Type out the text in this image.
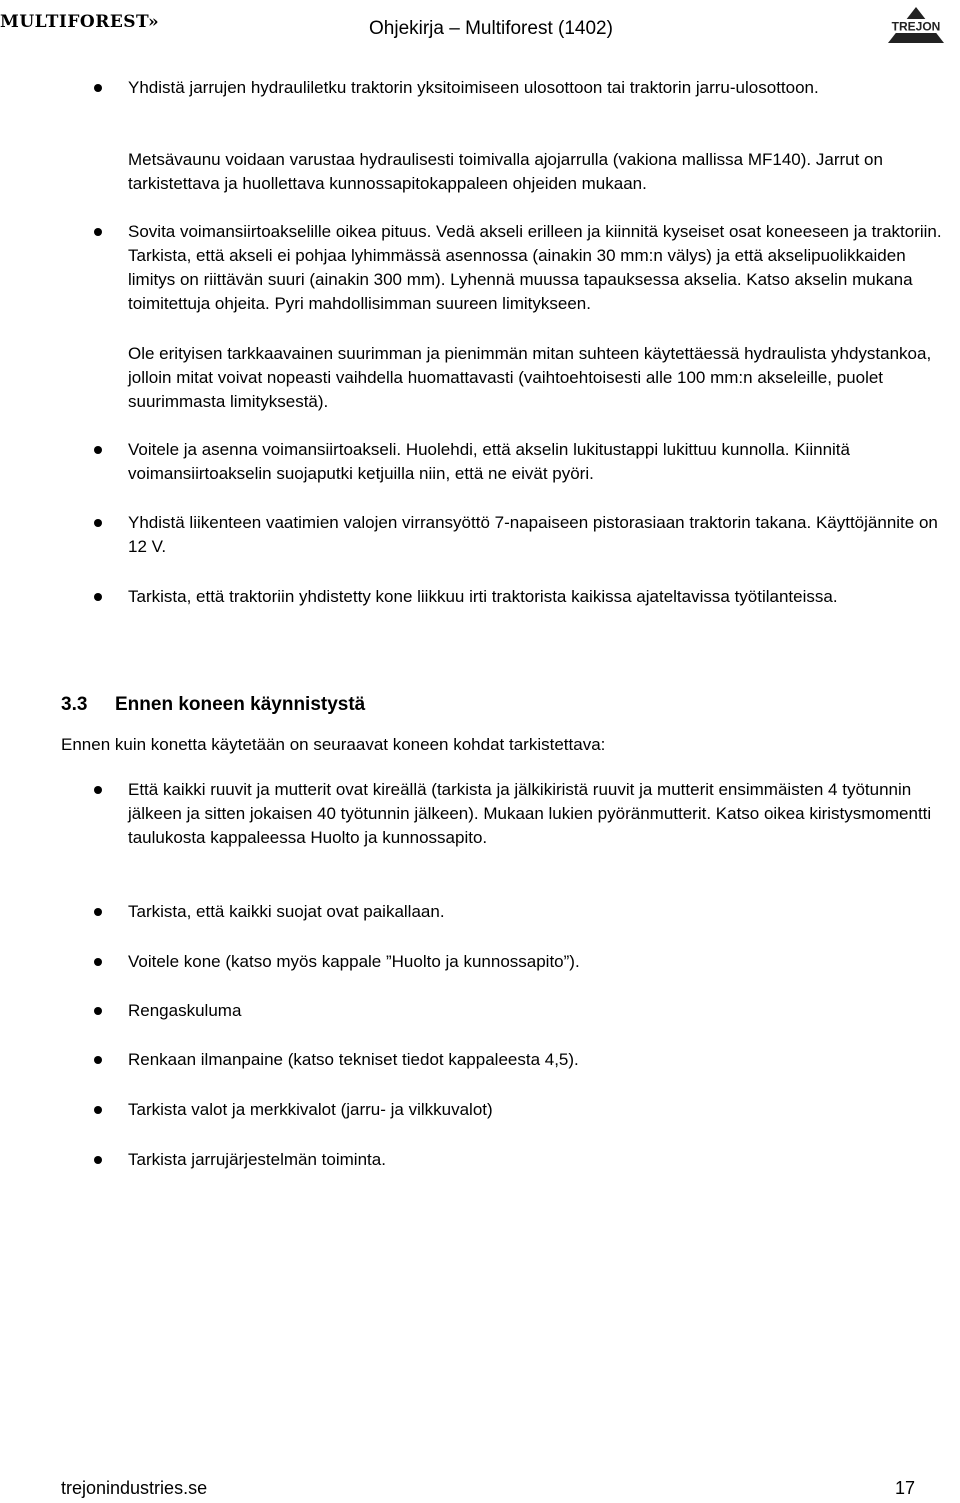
MULTIFOREST»	Ohjekirja – Multiforest (1402)	TREJON
Yhdistä jarrujen hydrauliletku traktorin yksitoimiseen ulosottoon tai traktorin jarru-ulosottoon.
Metsävaunu voidaan varustaa hydraulisesti toimivalla ajojarrulla (vakiona mallissa MF140). Jarrut on tarkistettava ja huollettava kunnossapitokappaleen ohjeiden mukaan.
Sovita voimansiirtoakselille oikea pituus. Vedä akseli erilleen ja kiinnitä kyseiset osat koneeseen ja traktoriin. Tarkista, että akseli ei pohjaa lyhimmässä asennossa (ainakin 30 mm:n välys) ja että akselipuolikkaiden limitys on riittävän suuri (ainakin 300 mm). Lyhennä muussa tapauksessa akselia. Katso akselin mukana toimitettuja ohjeita. Pyri mahdollisimman suureen limitykseen.
Ole erityisen tarkkaavainen suurimman ja pienimmän mitan suhteen käytettäessä hydraulista yhdystankoa, jolloin mitat voivat nopeasti vaihdella huomattavasti (vaihtoehtoisesti alle 100 mm:n akseleille, puolet suurimmasta limityksestä).
Voitele ja asenna voimansiirtoakseli. Huolehdi, että akselin lukitustappi lukittuu kunnolla. Kiinnitä voimansiirtoakselin suojaputki ketjuilla niin, että ne eivät pyöri.
Yhdistä liikenteen vaatimien valojen virransyöttö 7-napaiseen pistorasiaan traktorin takana. Käyttöjännite on 12 V.
Tarkista, että traktoriin yhdistetty kone liikkuu irti traktorista kaikissa ajateltavissa työtilanteissa.
3.3 Ennen koneen käynnistystä
Ennen kuin konetta käytetään on seuraavat koneen kohdat tarkistettava:
Että kaikki ruuvit ja mutterit ovat kireällä (tarkista ja jälkikiristä ruuvit ja mutterit ensimmäisten 4 työtunnin jälkeen ja sitten jokaisen 40 työtunnin jälkeen). Mukaan lukien pyöränmutterit. Katso oikea kiristysmomentti taulukosta kappaleessa Huolto ja kunnossapito.
Tarkista, että kaikki suojat ovat paikallaan.
Voitele kone (katso myös kappale ”Huolto ja kunnossapito”).
Rengaskuluma
Renkaan ilmanpaine (katso tekniset tiedot kappaleesta 4,5).
Tarkista valot ja merkkivalot (jarru- ja vilkkuvalot)
Tarkista jarrujärjestelmän toiminta.
trejonindustries.se	17
